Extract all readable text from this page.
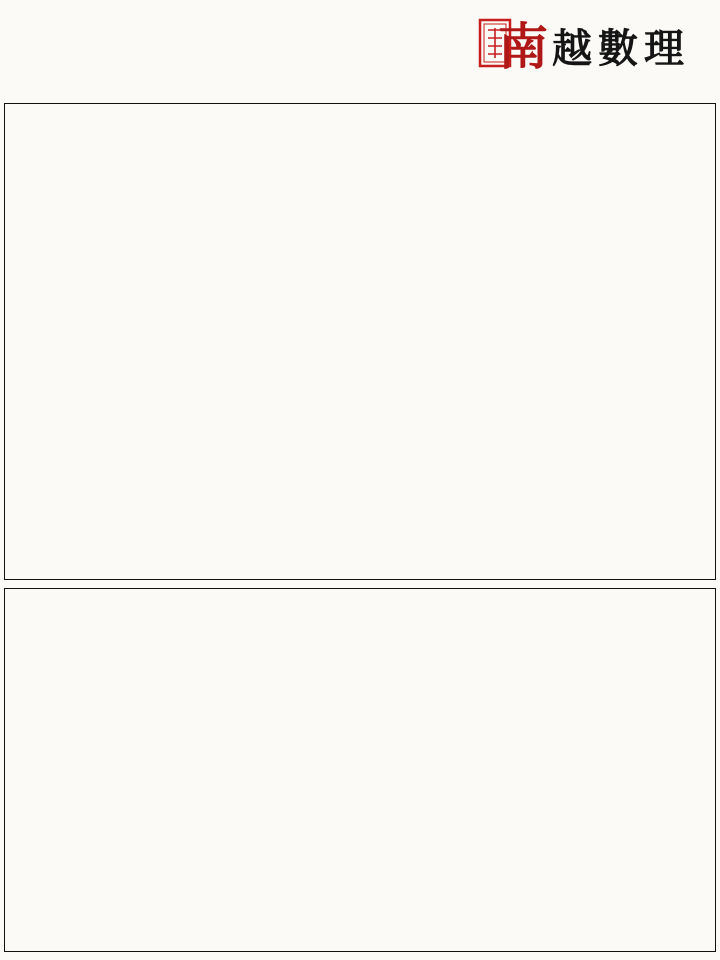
南 越 數 理
